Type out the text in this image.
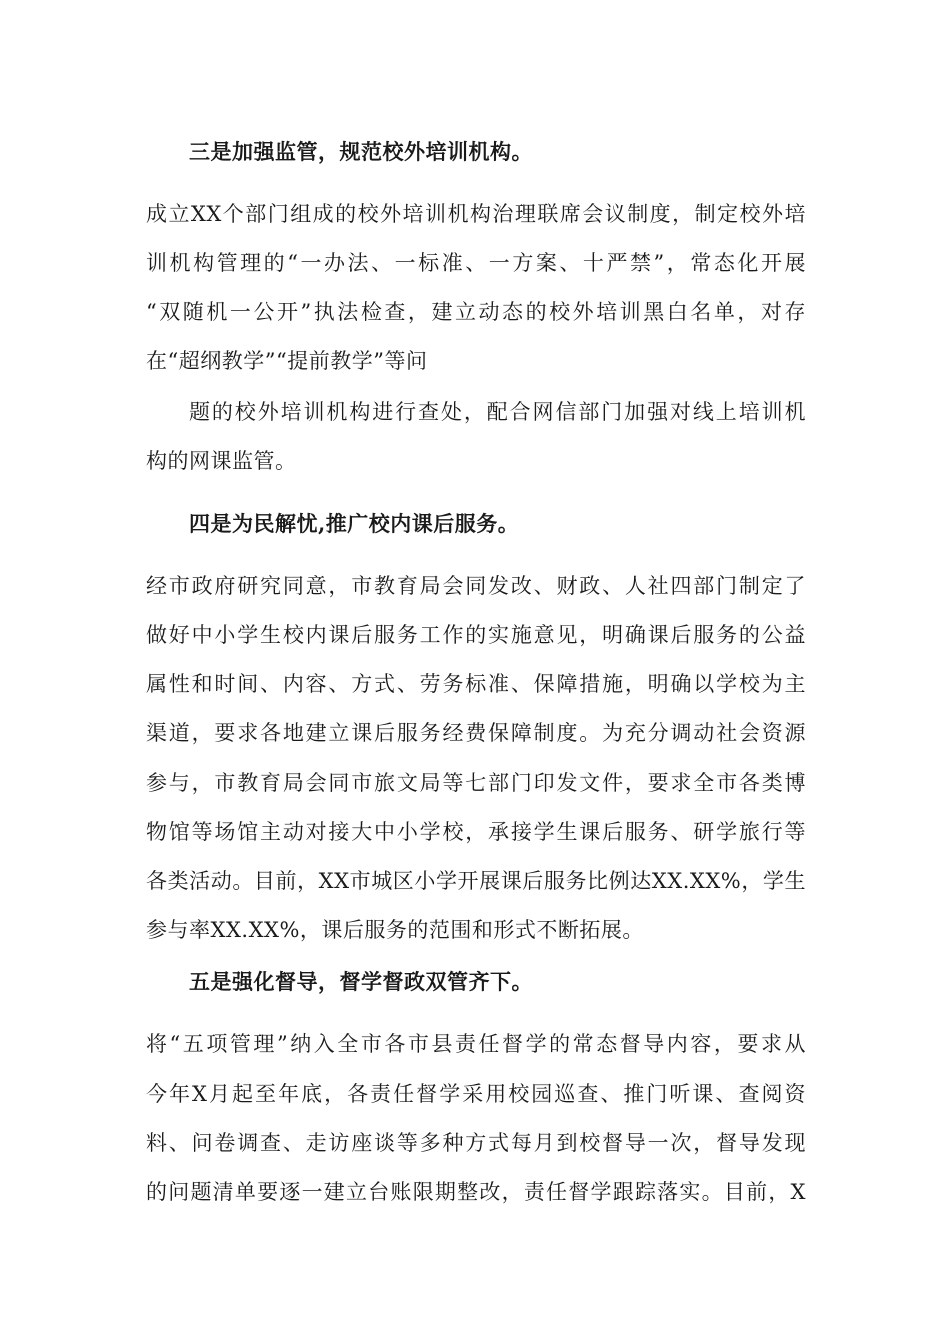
三是加强监管，规范校外培训机构。
成立XX个部门组成的校外培训机构治理联席会议制度，制定校外培
训机构管理的“一办法、一标准、一方案、十严禁”，常态化开展
“双随机一公开”执法检查，建立动态的校外培训黑白名单，对存
在“超纲教学”“提前教学”等问
题的校外培训机构进行查处，配合网信部门加强对线上培训机
构的网课监管。
四是为民解忧,推广校内课后服务。
经市政府研究同意，市教育局会同发改、财政、人社四部门制定了
做好中小学生校内课后服务工作的实施意见，明确课后服务的公益
属性和时间、内容、方式、劳务标准、保障措施，明确以学校为主
渠道，要求各地建立课后服务经费保障制度。为充分调动社会资源
参与，市教育局会同市旅文局等七部门印发文件，要求全市各类博
物馆等场馆主动对接大中小学校，承接学生课后服务、研学旅行等
各类活动。目前，XX市城区小学开展课后服务比例达XX.XX%，学生
参与率XX.XX%，课后服务的范围和形式不断拓展。
五是强化督导，督学督政双管齐下。
将“五项管理”纳入全市各市县责任督学的常态督导内容，要求从
今年X月起至年底，各责任督学采用校园巡查、推门听课、查阅资
料、问卷调查、走访座谈等多种方式每月到校督导一次，督导发现
的问题清单要逐一建立台账限期整改，责任督学跟踪落实。目前，X
